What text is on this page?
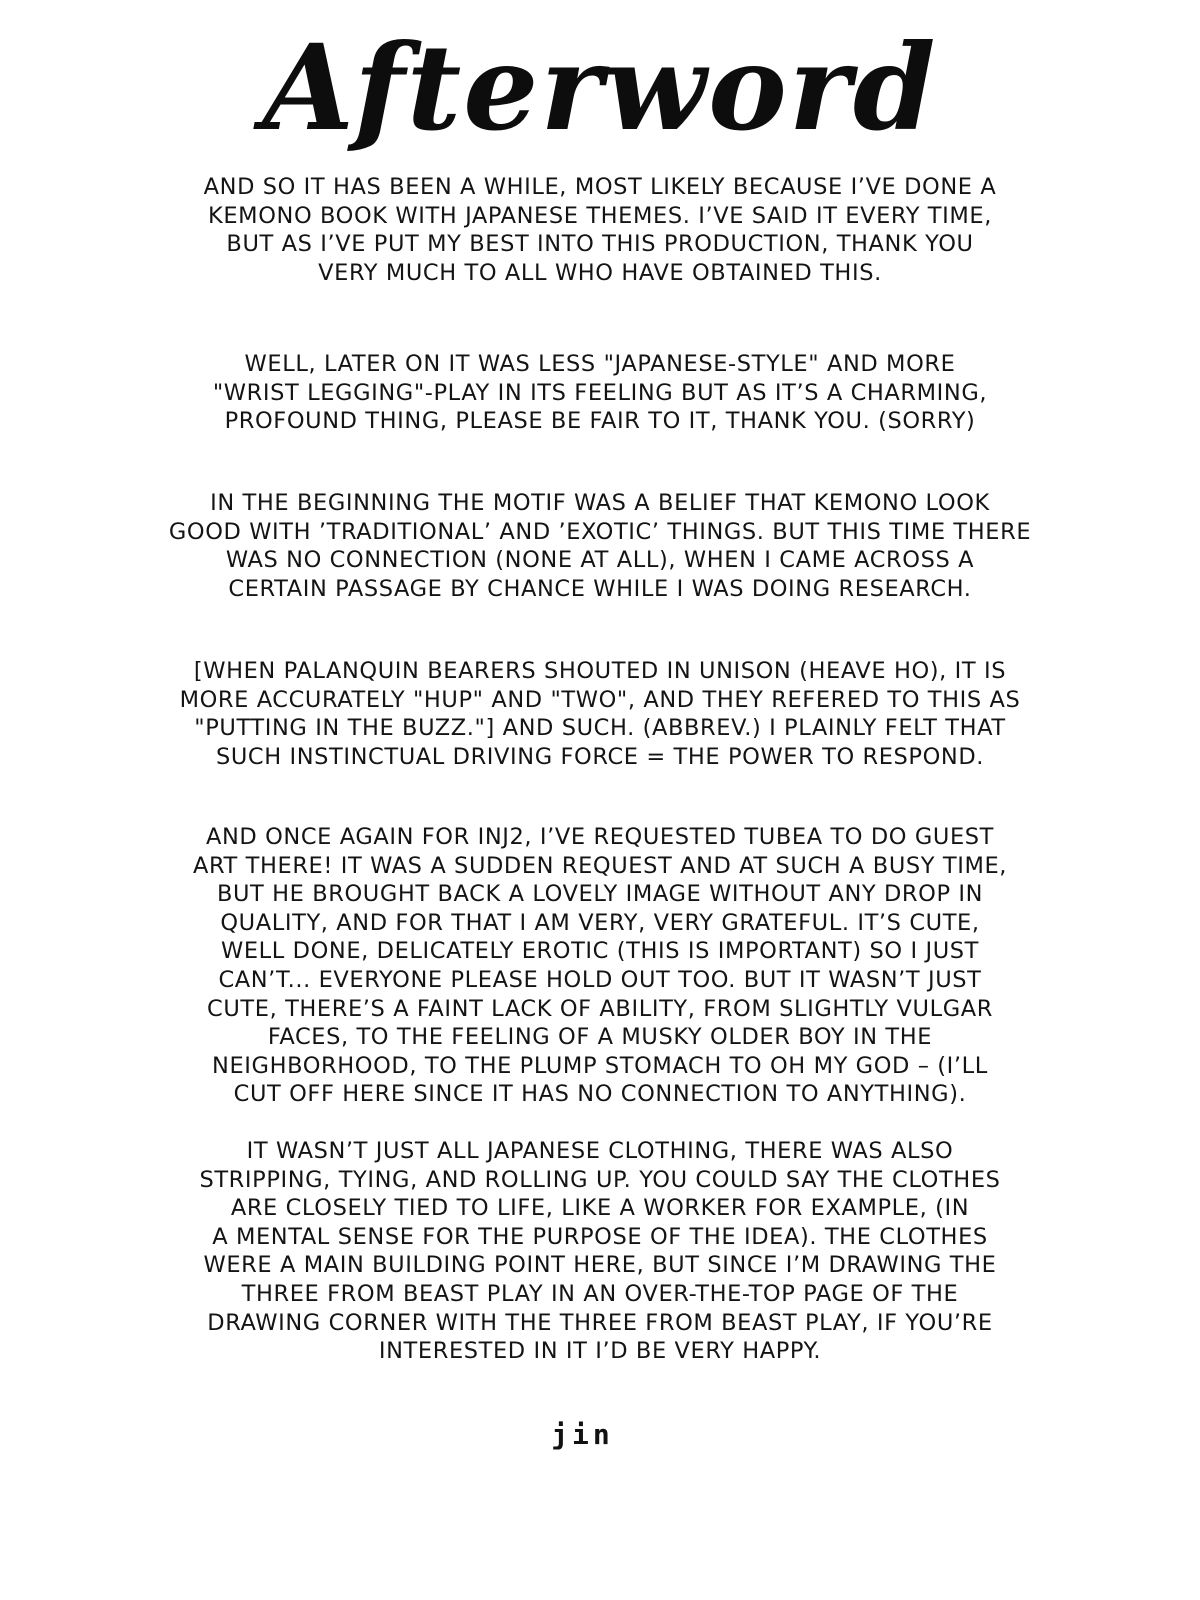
Afterword
AND SO IT HAS BEEN A WHILE, MOST LIKELY BECAUSE I’VE DONE A
KEMONO BOOK WITH JAPANESE THEMES. I’VE SAID IT EVERY TIME,
BUT AS I’VE PUT MY BEST INTO THIS PRODUCTION, THANK YOU
VERY MUCH TO ALL WHO HAVE OBTAINED THIS.
WELL, LATER ON IT WAS LESS "JAPANESE-STYLE" AND MORE
"WRIST LEGGING"-PLAY IN ITS FEELING BUT AS IT’S A CHARMING,
PROFOUND THING, PLEASE BE FAIR TO IT, THANK YOU. (SORRY)
IN THE BEGINNING THE MOTIF WAS A BELIEF THAT KEMONO LOOK
GOOD WITH ’TRADITIONAL’ AND ’EXOTIC’ THINGS. BUT THIS TIME THERE
WAS NO CONNECTION (NONE AT ALL), WHEN I CAME ACROSS A
CERTAIN PASSAGE BY CHANCE WHILE I WAS DOING RESEARCH.
[WHEN PALANQUIN BEARERS SHOUTED IN UNISON (HEAVE HO), IT IS
MORE ACCURATELY "HUP" AND "TWO", AND THEY REFERED TO THIS AS
"PUTTING IN THE BUZZ."] AND SUCH. (ABBREV.) I PLAINLY FELT THAT
SUCH INSTINCTUAL DRIVING FORCE = THE POWER TO RESPOND.
AND ONCE AGAIN FOR INJ2, I’VE REQUESTED TUBEA TO DO GUEST
ART THERE! IT WAS A SUDDEN REQUEST AND AT SUCH A BUSY TIME,
BUT HE BROUGHT BACK A LOVELY IMAGE WITHOUT ANY DROP IN
QUALITY, AND FOR THAT I AM VERY, VERY GRATEFUL. IT’S CUTE,
WELL DONE, DELICATELY EROTIC (THIS IS IMPORTANT) SO I JUST
CAN’T... EVERYONE PLEASE HOLD OUT TOO. BUT IT WASN’T JUST
CUTE, THERE’S A FAINT LACK OF ABILITY, FROM SLIGHTLY VULGAR
FACES, TO THE FEELING OF A MUSKY OLDER BOY IN THE
NEIGHBORHOOD, TO THE PLUMP STOMACH TO OH MY GOD – (I’LL
CUT OFF HERE SINCE IT HAS NO CONNECTION TO ANYTHING).
IT WASN’T JUST ALL JAPANESE CLOTHING, THERE WAS ALSO
STRIPPING, TYING, AND ROLLING UP. YOU COULD SAY THE CLOTHES
ARE CLOSELY TIED TO LIFE, LIKE A WORKER FOR EXAMPLE, (IN
A MENTAL SENSE FOR THE PURPOSE OF THE IDEA). THE CLOTHES
WERE A MAIN BUILDING POINT HERE, BUT SINCE I’M DRAWING THE
THREE FROM BEAST PLAY IN AN OVER-THE-TOP PAGE OF THE
DRAWING CORNER WITH THE THREE FROM BEAST PLAY, IF YOU’RE
INTERESTED IN IT I’D BE VERY HAPPY.
jin
